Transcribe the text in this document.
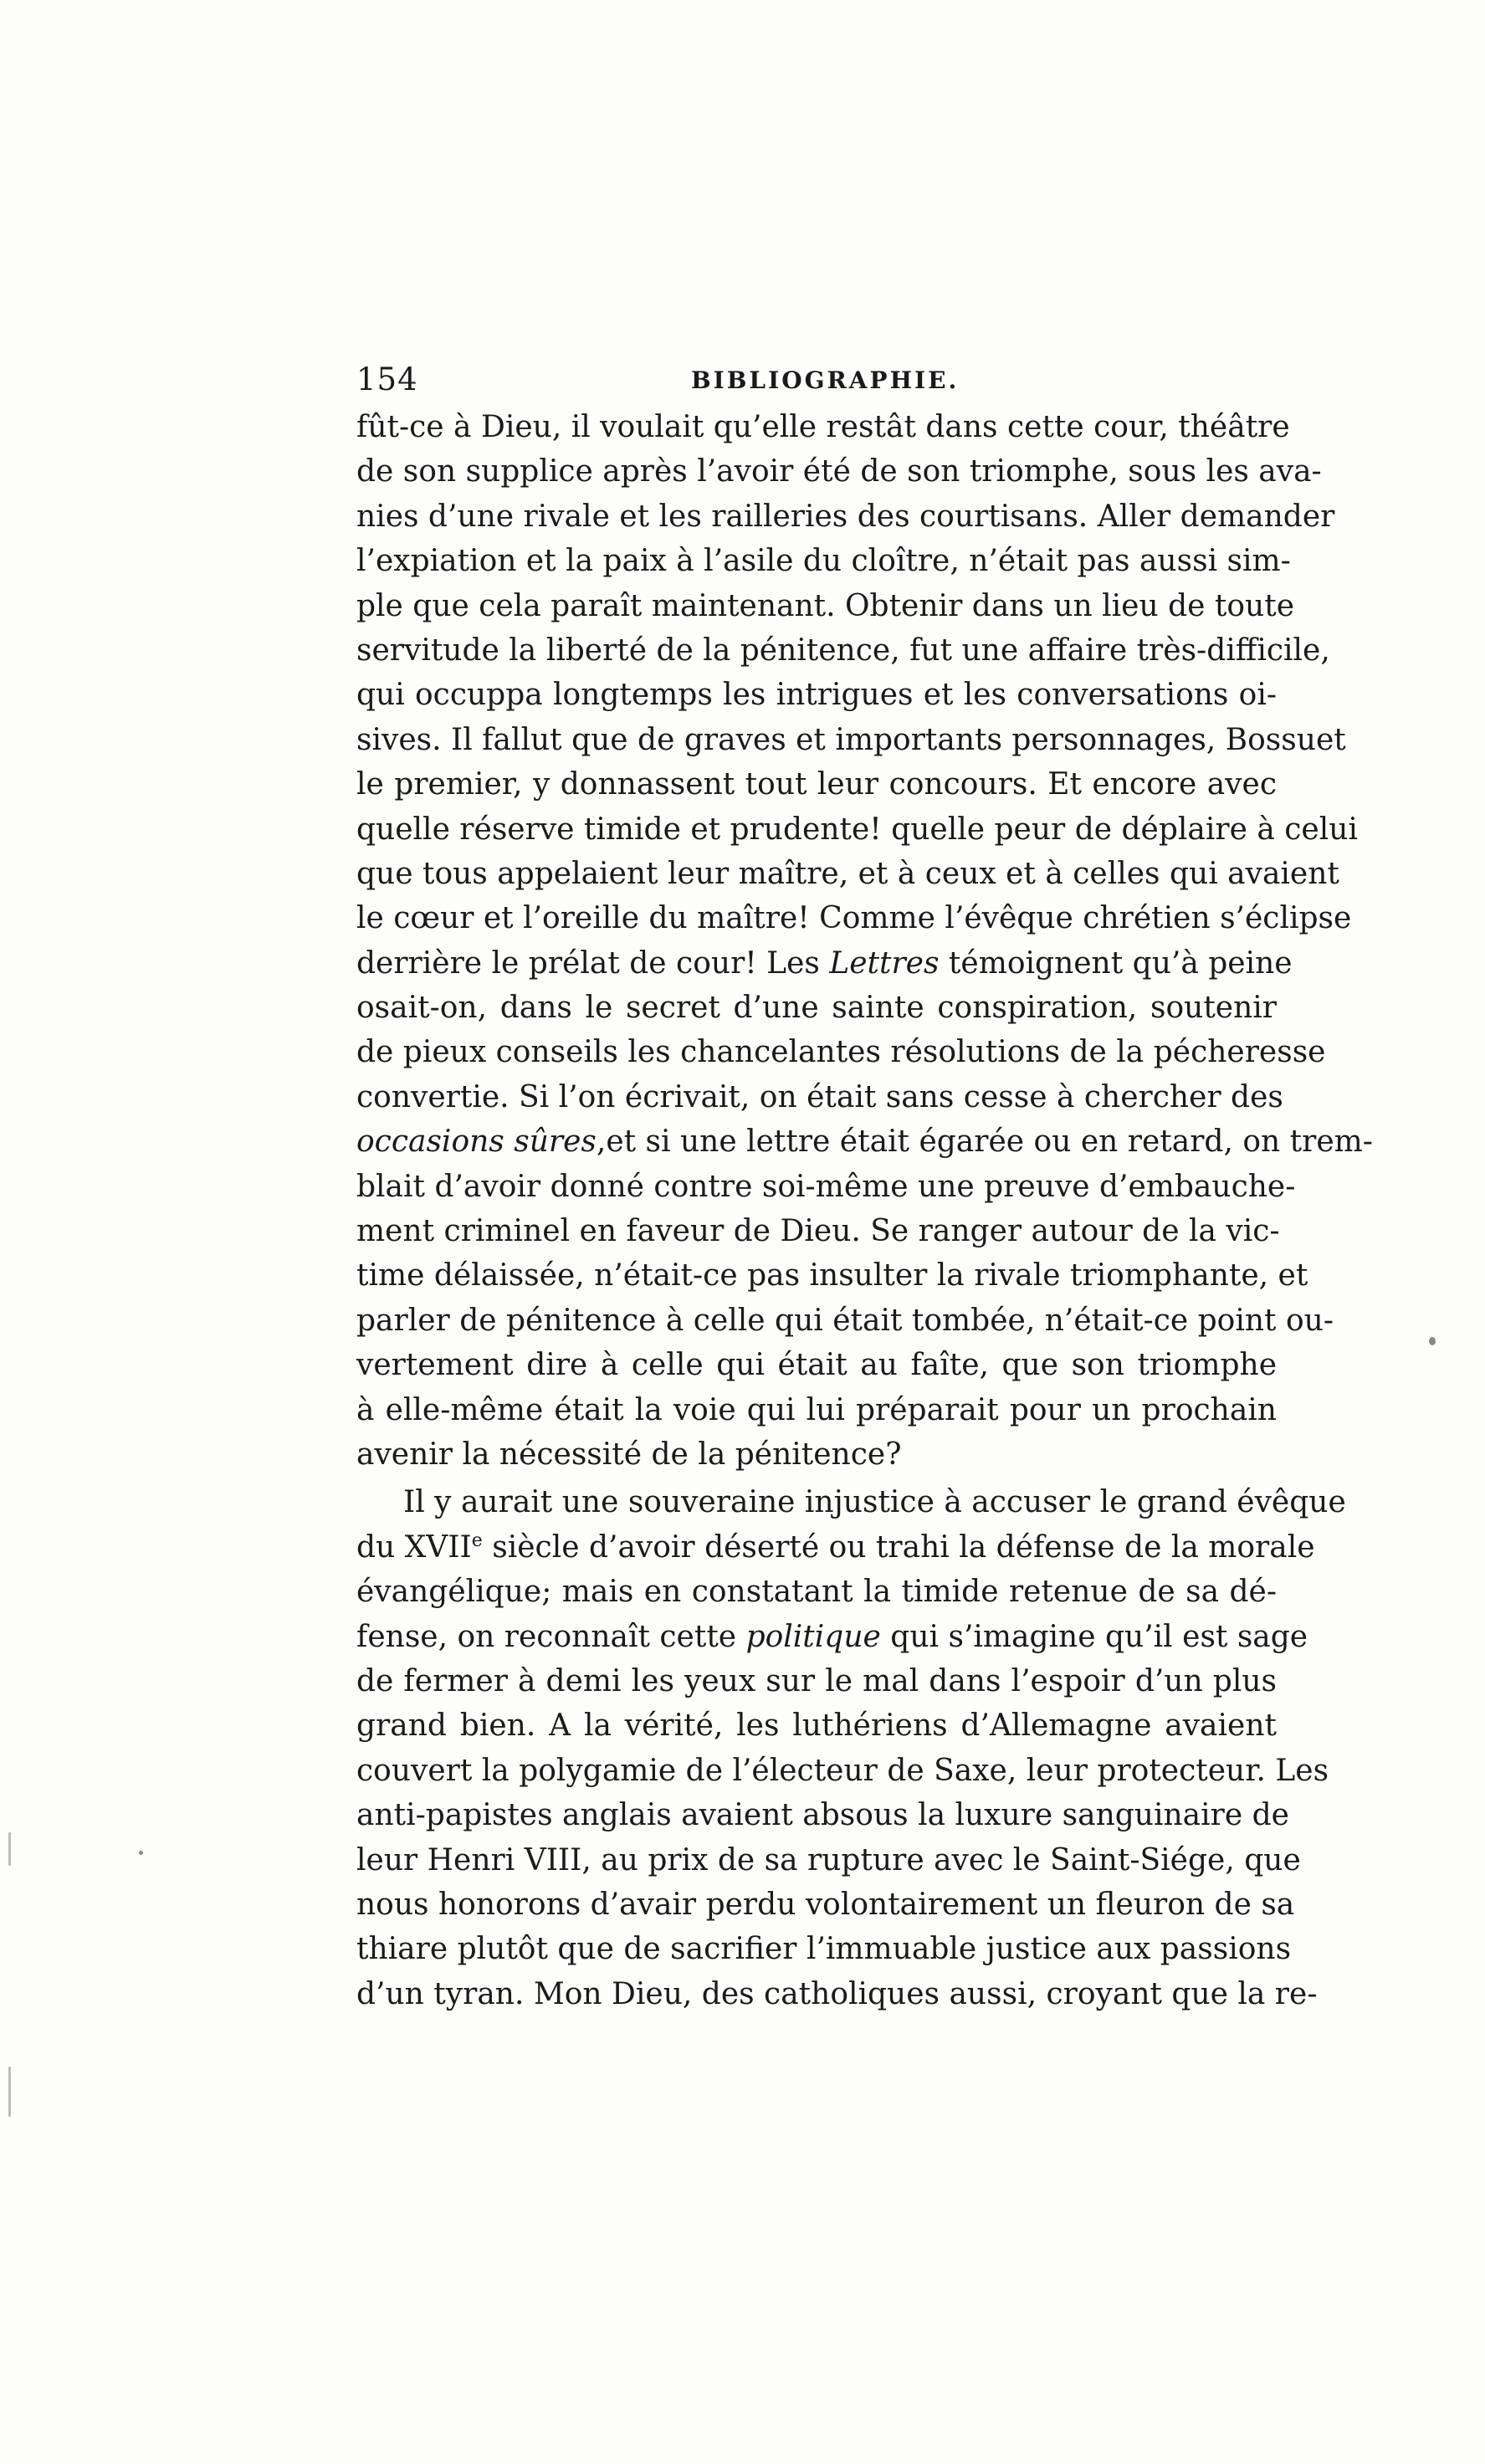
154	BIBLIOGRAPHIE.
fût-ce à Dieu, il voulait qu’elle restât dans cette cour, théâtre
de son supplice après l’avoir été de son triomphe, sous les ava-
nies d’une rivale et les railleries des courtisans. Aller demander
l’expiation et la paix à l’asile du cloître, n’était pas aussi sim-
ple que cela paraît maintenant. Obtenir dans un lieu de toute
servitude la liberté de la pénitence, fut une affaire très-difficile,
qui occuppa longtemps les intrigues et les conversations oi-
sives. Il fallut que de graves et importants personnages, Bossuet
le premier, y donnassent tout leur concours. Et encore avec
quelle réserve timide et prudente! quelle peur de déplaire à celui
que tous appelaient leur maître, et à ceux et à celles qui avaient
le cœur et l’oreille du maître! Comme l’évêque chrétien s’éclipse
derrière le prélat de cour! Les Lettres témoignent qu’à peine
osait-on, dans le secret d’une sainte conspiration, soutenir
de pieux conseils les chancelantes résolutions de la pécheresse
convertie. Si l’on écrivait, on était sans cesse à chercher des
occasions sûres,et si une lettre était égarée ou en retard, on trem-
blait d’avoir donné contre soi-même une preuve d’embauche-
ment criminel en faveur de Dieu. Se ranger autour de la vic-
time délaissée, n’était-ce pas insulter la rivale triomphante, et
parler de pénitence à celle qui était tombée, n’était-ce point ou-
vertement dire à celle qui était au faîte, que son triomphe
à elle-même était la voie qui lui préparait pour un prochain
avenir la nécessité de la pénitence?
Il y aurait une souveraine injustice à accuser le grand évêque
du XVIIe siècle d’avoir déserté ou trahi la défense de la morale
évangélique; mais en constatant la timide retenue de sa dé-
fense, on reconnaît cette politique qui s’imagine qu’il est sage
de fermer à demi les yeux sur le mal dans l’espoir d’un plus
grand bien. A la vérité, les luthériens d’Allemagne avaient
couvert la polygamie de l’électeur de Saxe, leur protecteur. Les
anti-papistes anglais avaient absous la luxure sanguinaire de
leur Henri VIII, au prix de sa rupture avec le Saint-Siége, que
nous honorons d’avair perdu volontairement un fleuron de sa
thiare plutôt que de sacrifier l’immuable justice aux passions
d’un tyran. Mon Dieu, des catholiques aussi, croyant que la re-
